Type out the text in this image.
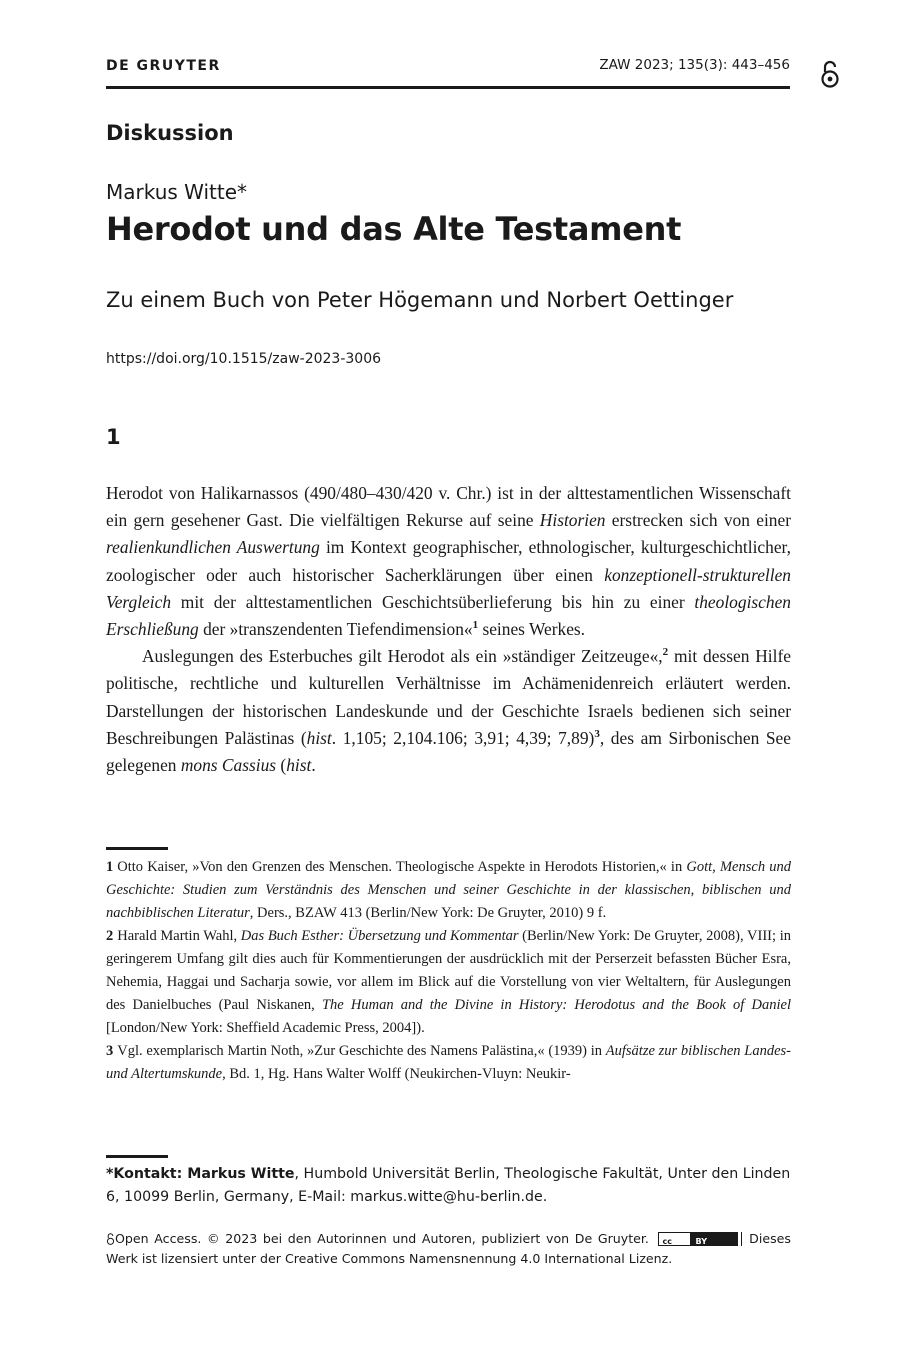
DE GRUYTER	ZAW 2023; 135(3): 443–456
Diskussion
Markus Witte*
Herodot und das Alte Testament
Zu einem Buch von Peter Högemann und Norbert Oettinger
https://doi.org/10.1515/zaw-2023-3006
1

Herodot von Halikarnassos (490/480–430/420 v. Chr.) ist in der alttestamentlichen Wissenschaft ein gern gesehener Gast. Die vielfältigen Rekurse auf seine Historien erstrecken sich von einer realienkundlichen Auswertung im Kontext geographischer, ethnologischer, kulturgeschichtlicher, zoologischer oder auch historischer Sacherklärungen über einen konzeptionell-strukturellen Vergleich mit der alttestamentlichen Geschichtsüberlieferung bis hin zu einer theologischen Erschließung der »transzendenten Tiefendimension«$^1$ seines Werkes.

Auslegungen des Esterbuches gilt Herodot als ein »ständiger Zeitzeuge«,$^2$ mit dessen Hilfe politische, rechtliche und kulturellen Verhältnisse im Achämenidenreich erläutert werden. Darstellungen der historischen Landeskunde und der Geschichte Israels bedienen sich seiner Beschreibungen Palästinas (hist. 1,105; 2,104.106; 3,91; 4,39; 7,89)$^3$, des am Sirbonischen See gelegenen mons Cassius (hist.

1 Otto Kaiser, »Von den Grenzen des Menschen. Theologische Aspekte in Herodots Historien,« in Gott, Mensch und Geschichte: Studien zum Verständnis des Menschen und seiner Geschichte in der klassischen, biblischen und nachbiblischen Literatur, Ders., BZAW 413 (Berlin/New York: De Gruyter, 2010) 9 f.

2 Harald Martin Wahl, Das Buch Esther: Übersetzung und Kommentar (Berlin/New York: De Gruyter, 2008), VIII; in geringerem Umfang gilt dies auch für Kommentierungen der ausdrücklich mit der Perserzeit befassten Bücher Esra, Nehemia, Haggai und Sacharja sowie, vor allem im Blick auf die Vorstellung von vier Weltaltern, für Auslegungen des Danielbuches (Paul Niskanen, The Human and the Divine in History: Herodotus and the Book of Daniel [London/New York: Sheffield Academic Press, 2004]).

3 Vgl. exemplarisch Martin Noth, »Zur Geschichte des Namens Palästina,« (1939) in Aufsätze zur biblischen Landes- und Altertumskunde, Bd. 1, Hg. Hans Walter Wolff (Neukirchen-Vluyn: Neukir-

*Kontakt: Markus Witte, Humbold Universität Berlin, Theologische Fakultät, Unter den Linden 6, 10099 Berlin, Germany, E-Mail: markus.witte@hu-berlin.de.
Open Access. © 2023 bei den Autorinnen und Autoren, publiziert von De Gruyter. cc	BY	Dieses Werk ist lizensiert unter der Creative Commons Namensnennung 4.0 International Lizenz.
